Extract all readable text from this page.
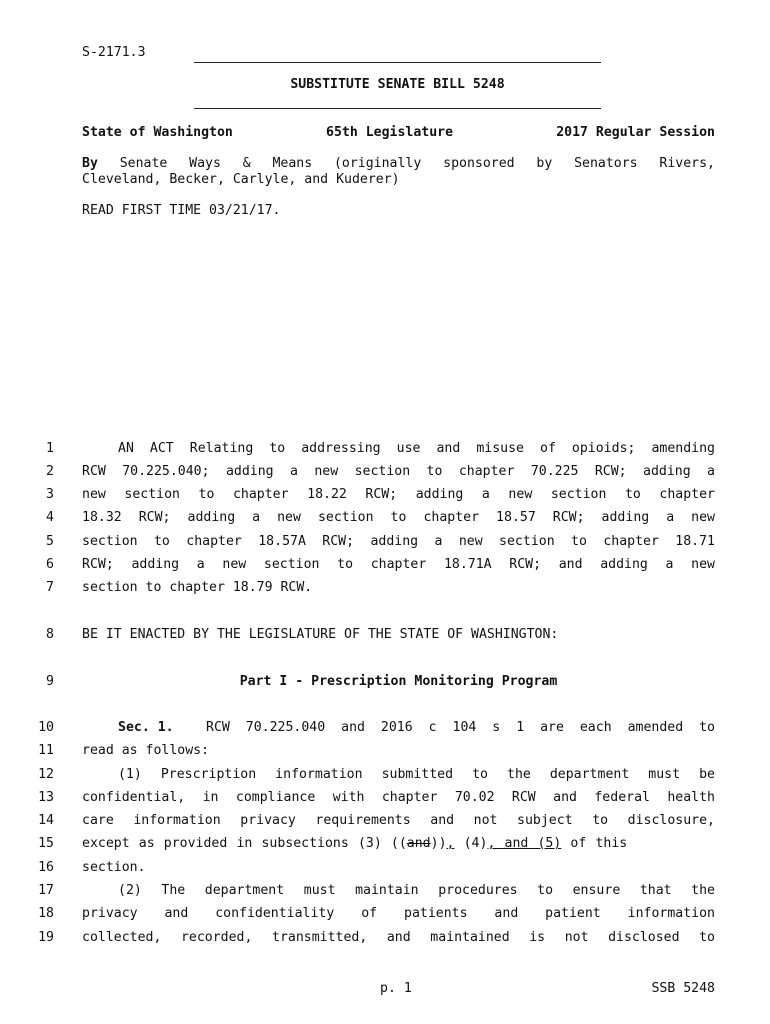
S-2171.3
SUBSTITUTE SENATE BILL 5248

State of Washington

	65th Legislature

	2017 Regular Session

By Senate Ways & Means (originally sponsored by Senators Rivers,
Cleveland, Becker, Carlyle, and Kuderer)
READ FIRST TIME 03/21/17.
1	AN ACT Relating to addressing use and misuse of opioids; amending
2 RCW 70.225.040; adding a new section to chapter 70.225 RCW; adding a
3 new section to chapter 18.22 RCW; adding a new section to chapter
4 18.32 RCW; adding a new section to chapter 18.57 RCW; adding a new
5 section to chapter 18.57A RCW; adding a new section to chapter 18.71
6 RCW; adding a new section to chapter 18.71A RCW; and adding a new
7 section to chapter 18.79 RCW.
8 BE IT ENACTED BY THE LEGISLATURE OF THE STATE OF WASHINGTON:
9	Part I - Prescription Monitoring Program
10	Sec. 1. RCW 70.225.040 and 2016 c 104 s 1 are each amended to
11 read as follows:
12	(1) Prescription information submitted to the department must be
13 confidential, in compliance with chapter 70.02 RCW and federal health
14 care information privacy requirements and not subject to disclosure,
15 except as provided in subsections (3) ((and)), (4), and (5) of this
16 section.
17	(2) The department must maintain procedures to ensure that the
18 privacy and confidentiality of patients and patient information
19 collected, recorded, transmitted, and maintained is not disclosed to
p. 1	SSB 5248
